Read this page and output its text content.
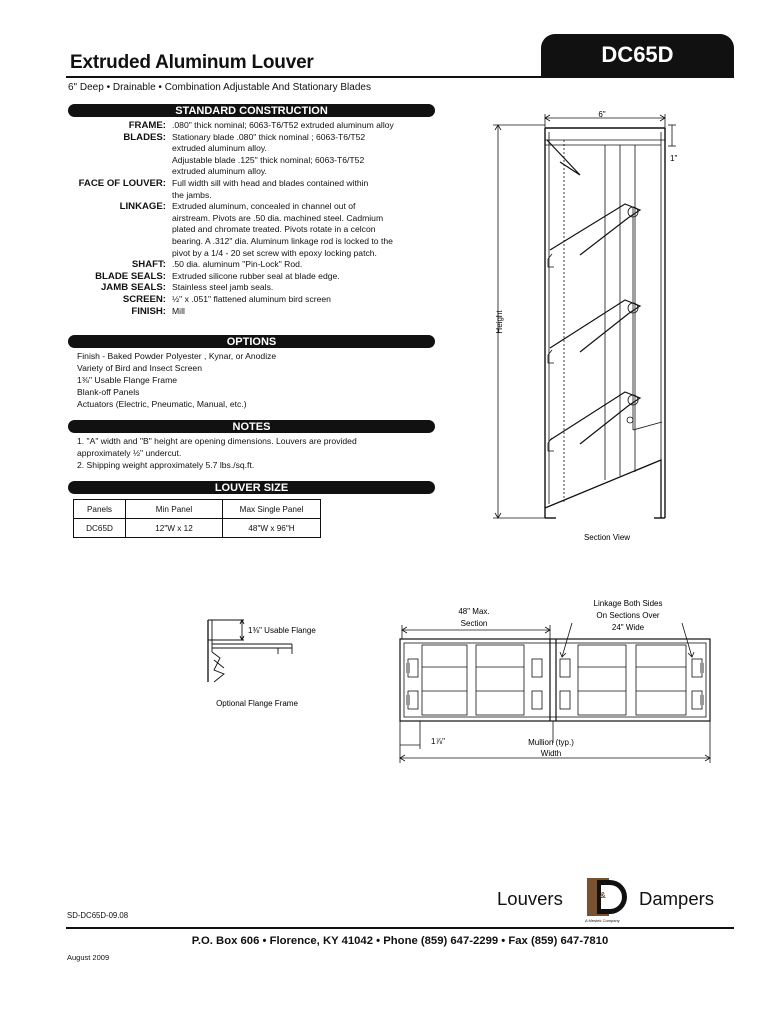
Extruded Aluminum Louver	DC65D
6" Deep • Drainable • Combination Adjustable And Stationary Blades
STANDARD CONSTRUCTION
FRAME: .080" thick nominal; 6063-T6/T52 extruded aluminum alloy
BLADES: Stationary blade .080" thick nominal ; 6063-T6/T52
extruded aluminum alloy.
Adjustable blade .125" thick nominal; 6063-T6/T52
extruded aluminum alloy.
FACE OF LOUVER: Full width sill with head and blades contained within
the jambs.
LINKAGE: Extruded aluminum, concealed in channel out of
airstream. Pivots are .50 dia. machined steel. Cadmium
plated and chromate treated. Pivots rotate in a celcon
bearing. A .312" dia. Aluminum linkage rod is locked to the
pivot by a 1/4 - 20 set screw with epoxy locking patch.
SHAFT: .50 dia. aluminum "Pin-Lock" Rod.
BLADE SEALS: Extruded silicone rubber seal at blade edge.
JAMB SEALS: Stainless steel jamb seals.
SCREEN: ½" x .051" flattened aluminum bird screen
FINISH: Mill
OPTIONS
Finish - Baked Powder Polyester , Kynar, or Anodize
Variety of Bird and Insect Screen
1⅜" Usable Flange Frame
Blank-off Panels
Actuators (Electric, Pneumatic, Manual, etc.)
NOTES
1. "A" width and "B" height are opening dimensions. Louvers are provided
approximately ½" undercut.
2. Shipping weight approximately 5.7 lbs./sq.ft.
LOUVER SIZE
Panels	Min Panel	Max Single Panel
DC65D	12"W x 12	48"W x 96"H
6"
1"
Height
Section View
1⅜" Usable Flange
Optional Flange Frame
48" Max.
Section
Linkage Both Sides
On Sections Over
24" Wide
1⅞"	Mullion (typ.)
Width
Louvers	&
A Mestek Company
Dampers
SD-DC65D-09.08
P.O. Box 606 • Florence, KY 41042 • Phone (859) 647-2299 • Fax (859) 647-7810
August 2009
